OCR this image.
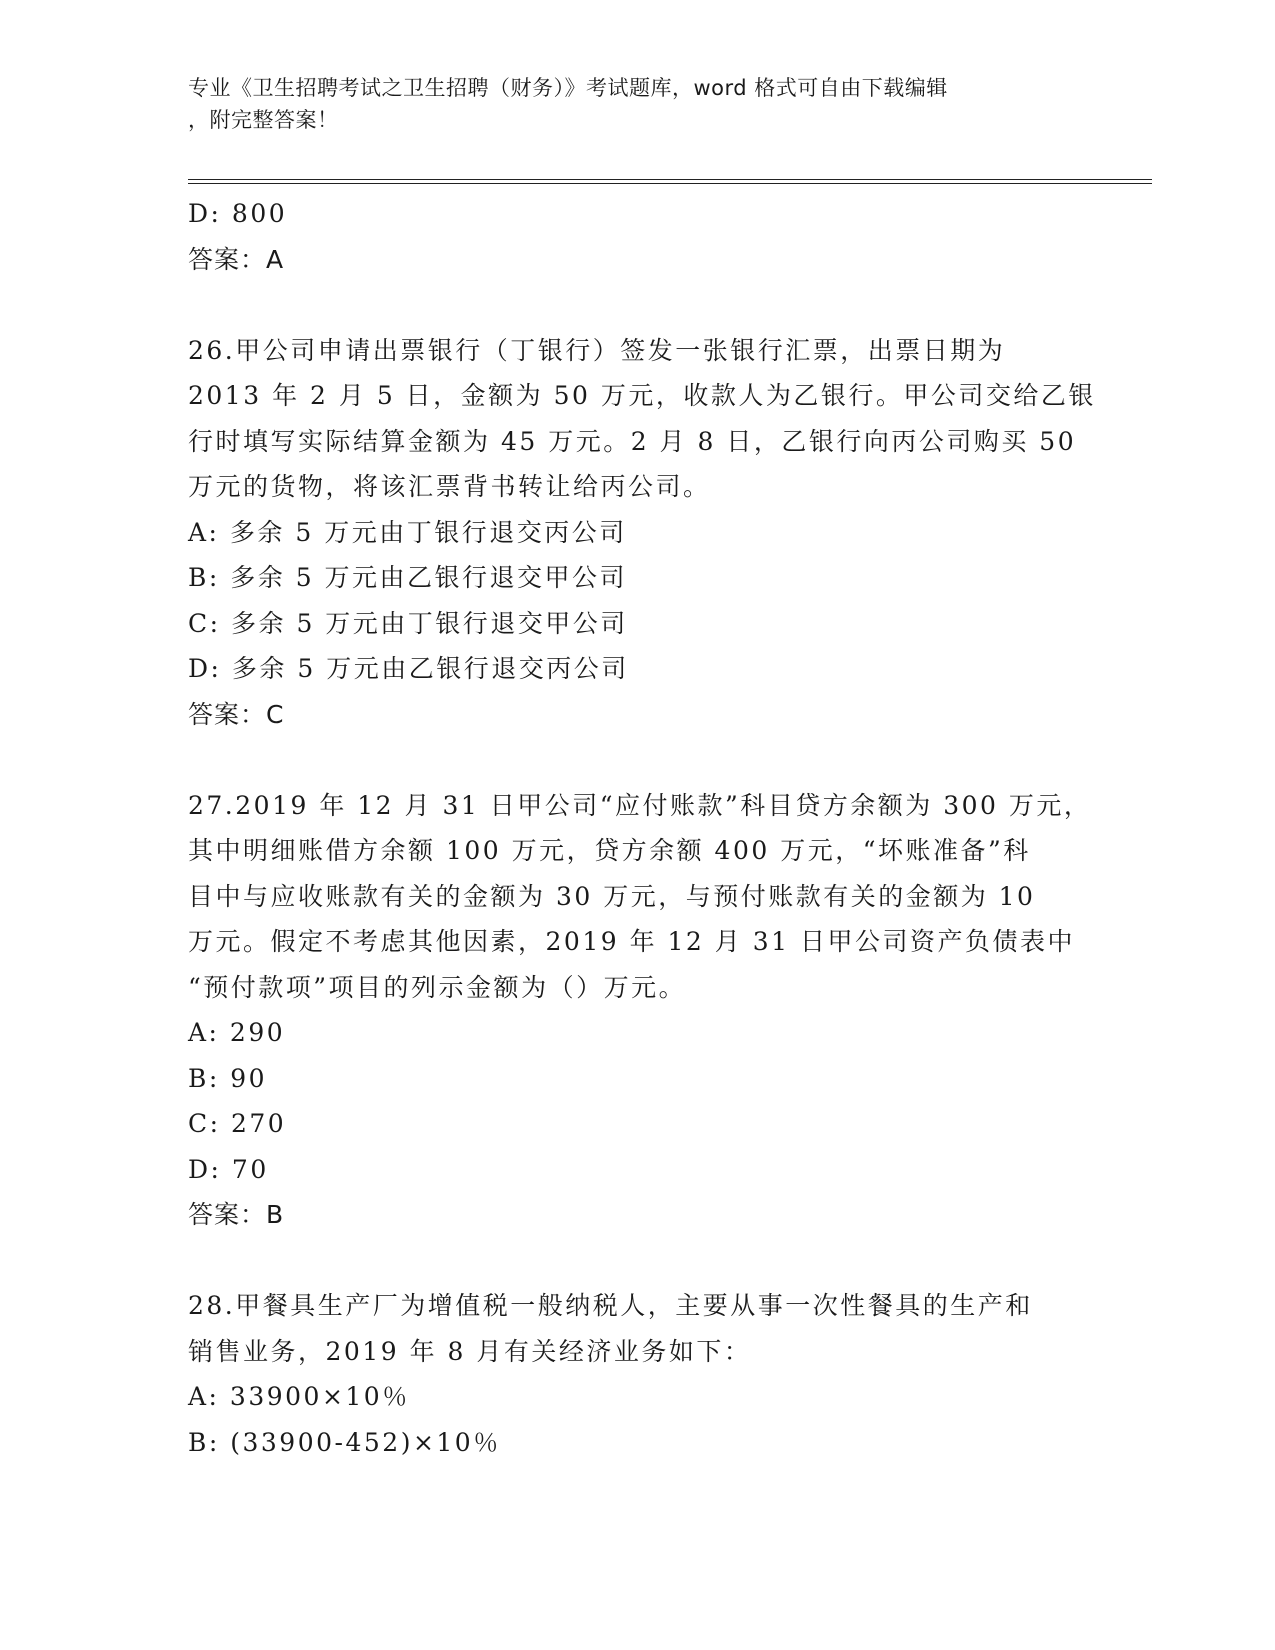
专业《卫生招聘考试之卫生招聘（财务）》考试题库，word 格式可自由下载编辑
，附完整答案！
D: 800
答案：A
26.甲公司申请出票银行（丁银行）签发一张银行汇票，出票日期为
2013 年 2 月 5 日，金额为 50 万元，收款人为乙银行。甲公司交给乙银
行时填写实际结算金额为 45 万元。2 月 8 日，乙银行向丙公司购买 50
万元的货物，将该汇票背书转让给丙公司。
A: 多余 5 万元由丁银行退交丙公司
B: 多余 5 万元由乙银行退交甲公司
C: 多余 5 万元由丁银行退交甲公司
D: 多余 5 万元由乙银行退交丙公司
答案：C
27.2019 年 12 月 31 日甲公司“应付账款”科目贷方余额为 300 万元，
其中明细账借方余额 100 万元，贷方余额 400 万元，“坏账准备”科
目中与应收账款有关的金额为 30 万元，与预付账款有关的金额为 10
万元。假定不考虑其他因素，2019 年 12 月 31 日甲公司资产负债表中
“预付款项”项目的列示金额为（）万元。
A: 290
B: 90
C: 270
D: 70
答案：B
28.甲餐具生产厂为增值税一般纳税人，主要从事一次性餐具的生产和
销售业务，2019 年 8 月有关经济业务如下：
A: 33900×10％
B: (33900-452)×10％
